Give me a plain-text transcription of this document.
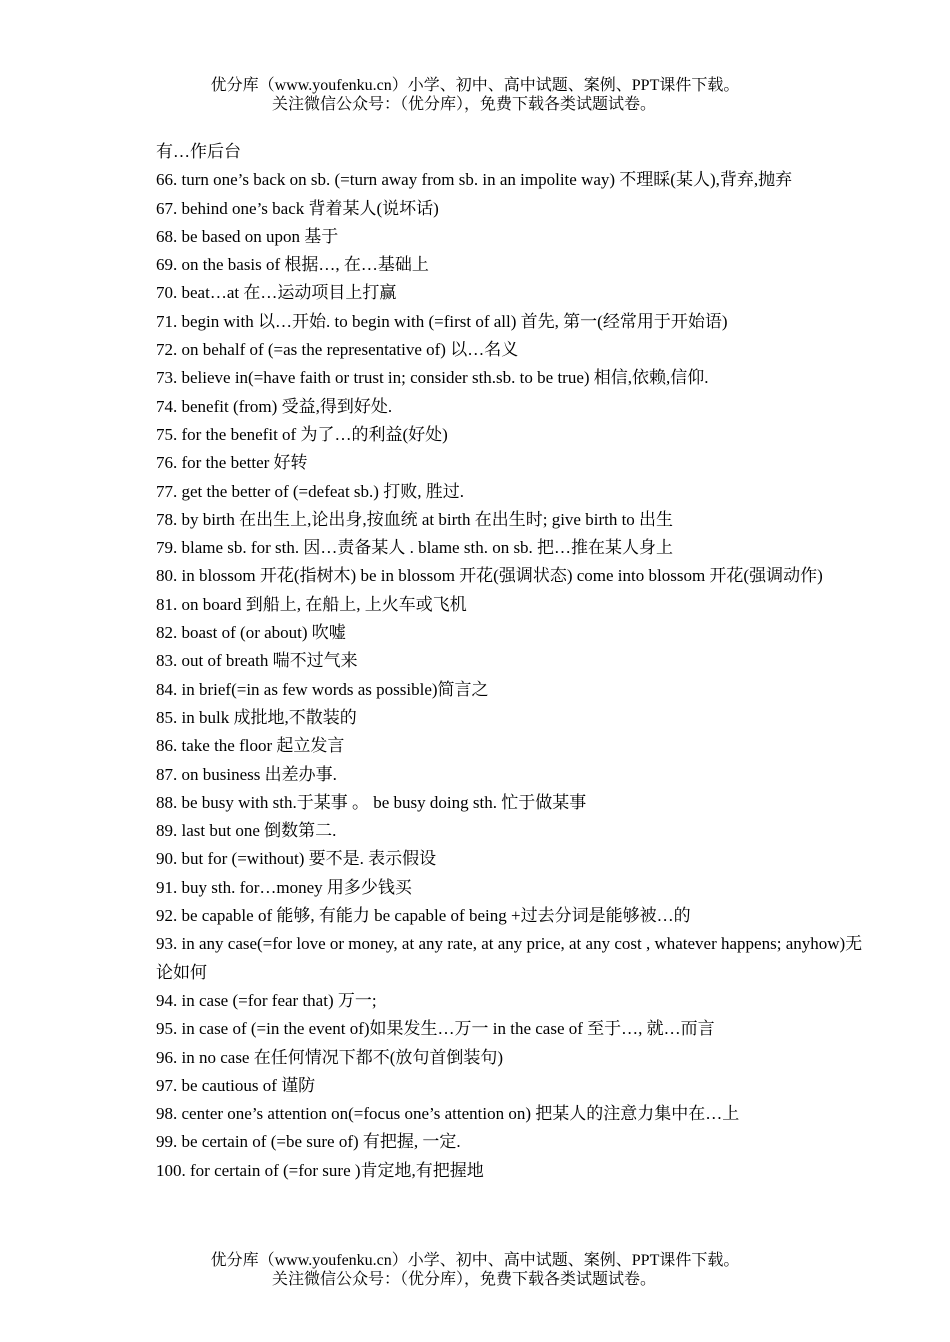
优分库（www.youfenku.cn）小学、初中、高中试题、案例、PPT课件下载。
关注微信公众号：（优分库），免费下载各类试题试卷。

有…作后台

66. turn one’s back on sb. (=turn away from sb. in an impolite way) 不理睬(某人),背弃,抛弃

67. behind one’s back 背着某人(说坏话)

68. be based on upon 基于

69. on the basis of 根据…, 在…基础上

70. beat…at 在…运动项目上打赢

71. begin with 以…开始. to begin with (=first of all) 首先, 第一(经常用于开始语)

72. on behalf of (=as the representative of) 以…名义

73. believe in(=have faith or trust in; consider sth.sb. to be true) 相信,依赖,信仰.

74. benefit (from) 受益,得到好处.

75. for the benefit of 为了…的利益(好处)

76. for the better 好转

77. get the better of (=defeat sb.) 打败, 胜过.

78. by birth 在出生上,论出身,按血统 at birth 在出生时; give birth to 出生

79. blame sb. for sth. 因…责备某人 . blame sth. on sb. 把…推在某人身上

80. in blossom 开花(指树木) be in blossom 开花(强调状态) come into blossom 开花(强调动作)

81. on board 到船上, 在船上, 上火车或飞机

82. boast of (or about) 吹嘘

83. out of breath 喘不过气来

84. in brief(=in as few words as possible)简言之

85. in bulk 成批地,不散装的

86. take the floor 起立发言

87. on business 出差办事.

88. be busy with sth.于某事 。 be busy doing sth. 忙于做某事

89. last but one 倒数第二.

90. but for (=without) 要不是. 表示假设

91. buy sth. for…money 用多少钱买

92. be capable of 能够, 有能力 be capable of being +过去分词是能够被…的

93. in any case(=for love or money, at any rate, at any price, at any cost , whatever happens; anyhow)无论如何

94. in case (=for fear that) 万一;

95. in case of (=in the event of)如果发生…万一 in the case of 至于…, 就…而言

96. in no case 在任何情况下都不(放句首倒装句)

97. be cautious of 谨防

98. center one’s attention on(=focus one’s attention on) 把某人的注意力集中在…上

99. be certain of (=be sure of) 有把握, 一定.

100. for certain of (=for sure )肯定地,有把握地

优分库（www.youfenku.cn）小学、初中、高中试题、案例、PPT课件下载。
关注微信公众号：（优分库），免费下载各类试题试卷。
